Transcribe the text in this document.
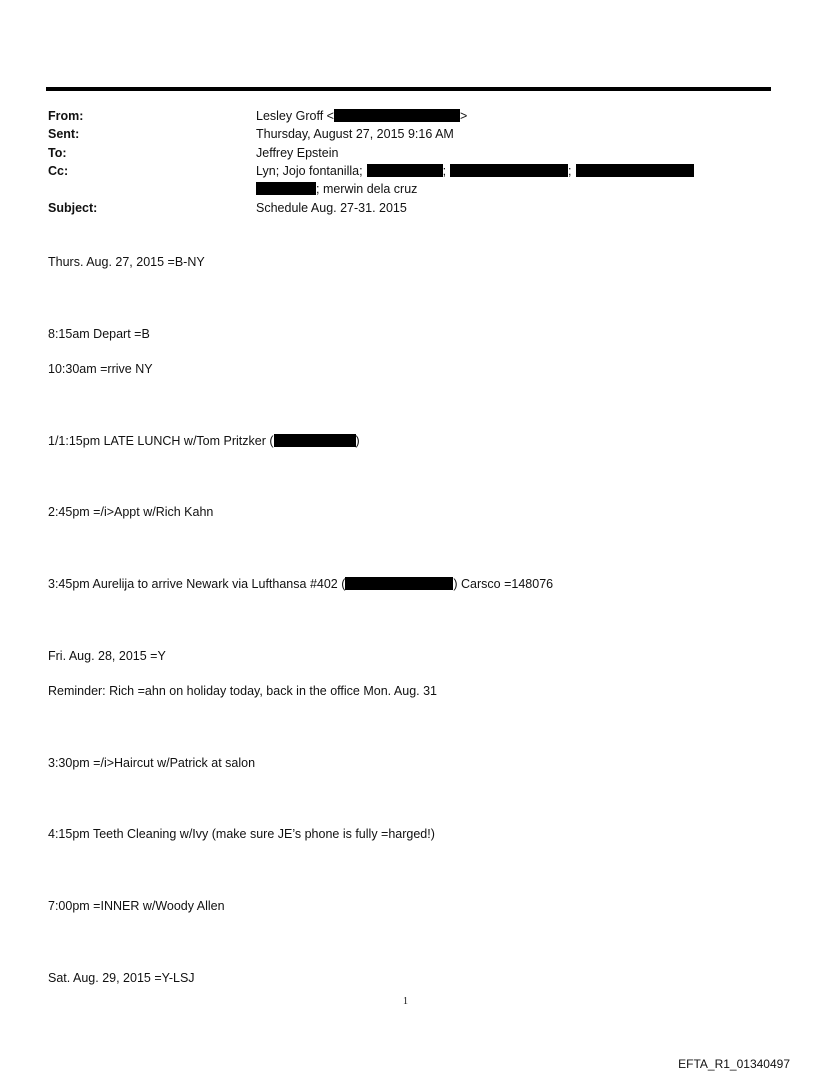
From:	Lesley Groff <	>
Sent:	Thursday, August 27, 2015 9:16 AM
To:	Jeffrey Epstein
Cc:	Lyn; Jojo fontanilla;	;	;
; merwin dela cruz
Subject:	Schedule Aug. 27-31. 2015
Thurs. Aug. 27, 2015 =B-NY
8:15am Depart =B
10:30am =rrive NY
1/1:15pm LATE LUNCH w/Tom Pritzker (	)
2:45pm =/i>Appt w/Rich Kahn
3:45pm Aurelija to arrive Newark via Lufthansa #402 (	) Carsco =148076
Fri. Aug. 28, 2015 =Y
Reminder: Rich =ahn on holiday today, back in the office Mon. Aug. 31
3:30pm =/i>Haircut w/Patrick at salon
4:15pm Teeth Cleaning w/Ivy (make sure JE’s phone is fully =harged!)
7:00pm =INNER w/Woody Allen
Sat. Aug. 29, 2015 =Y-LSJ
1
EFTA_R1_01340497
